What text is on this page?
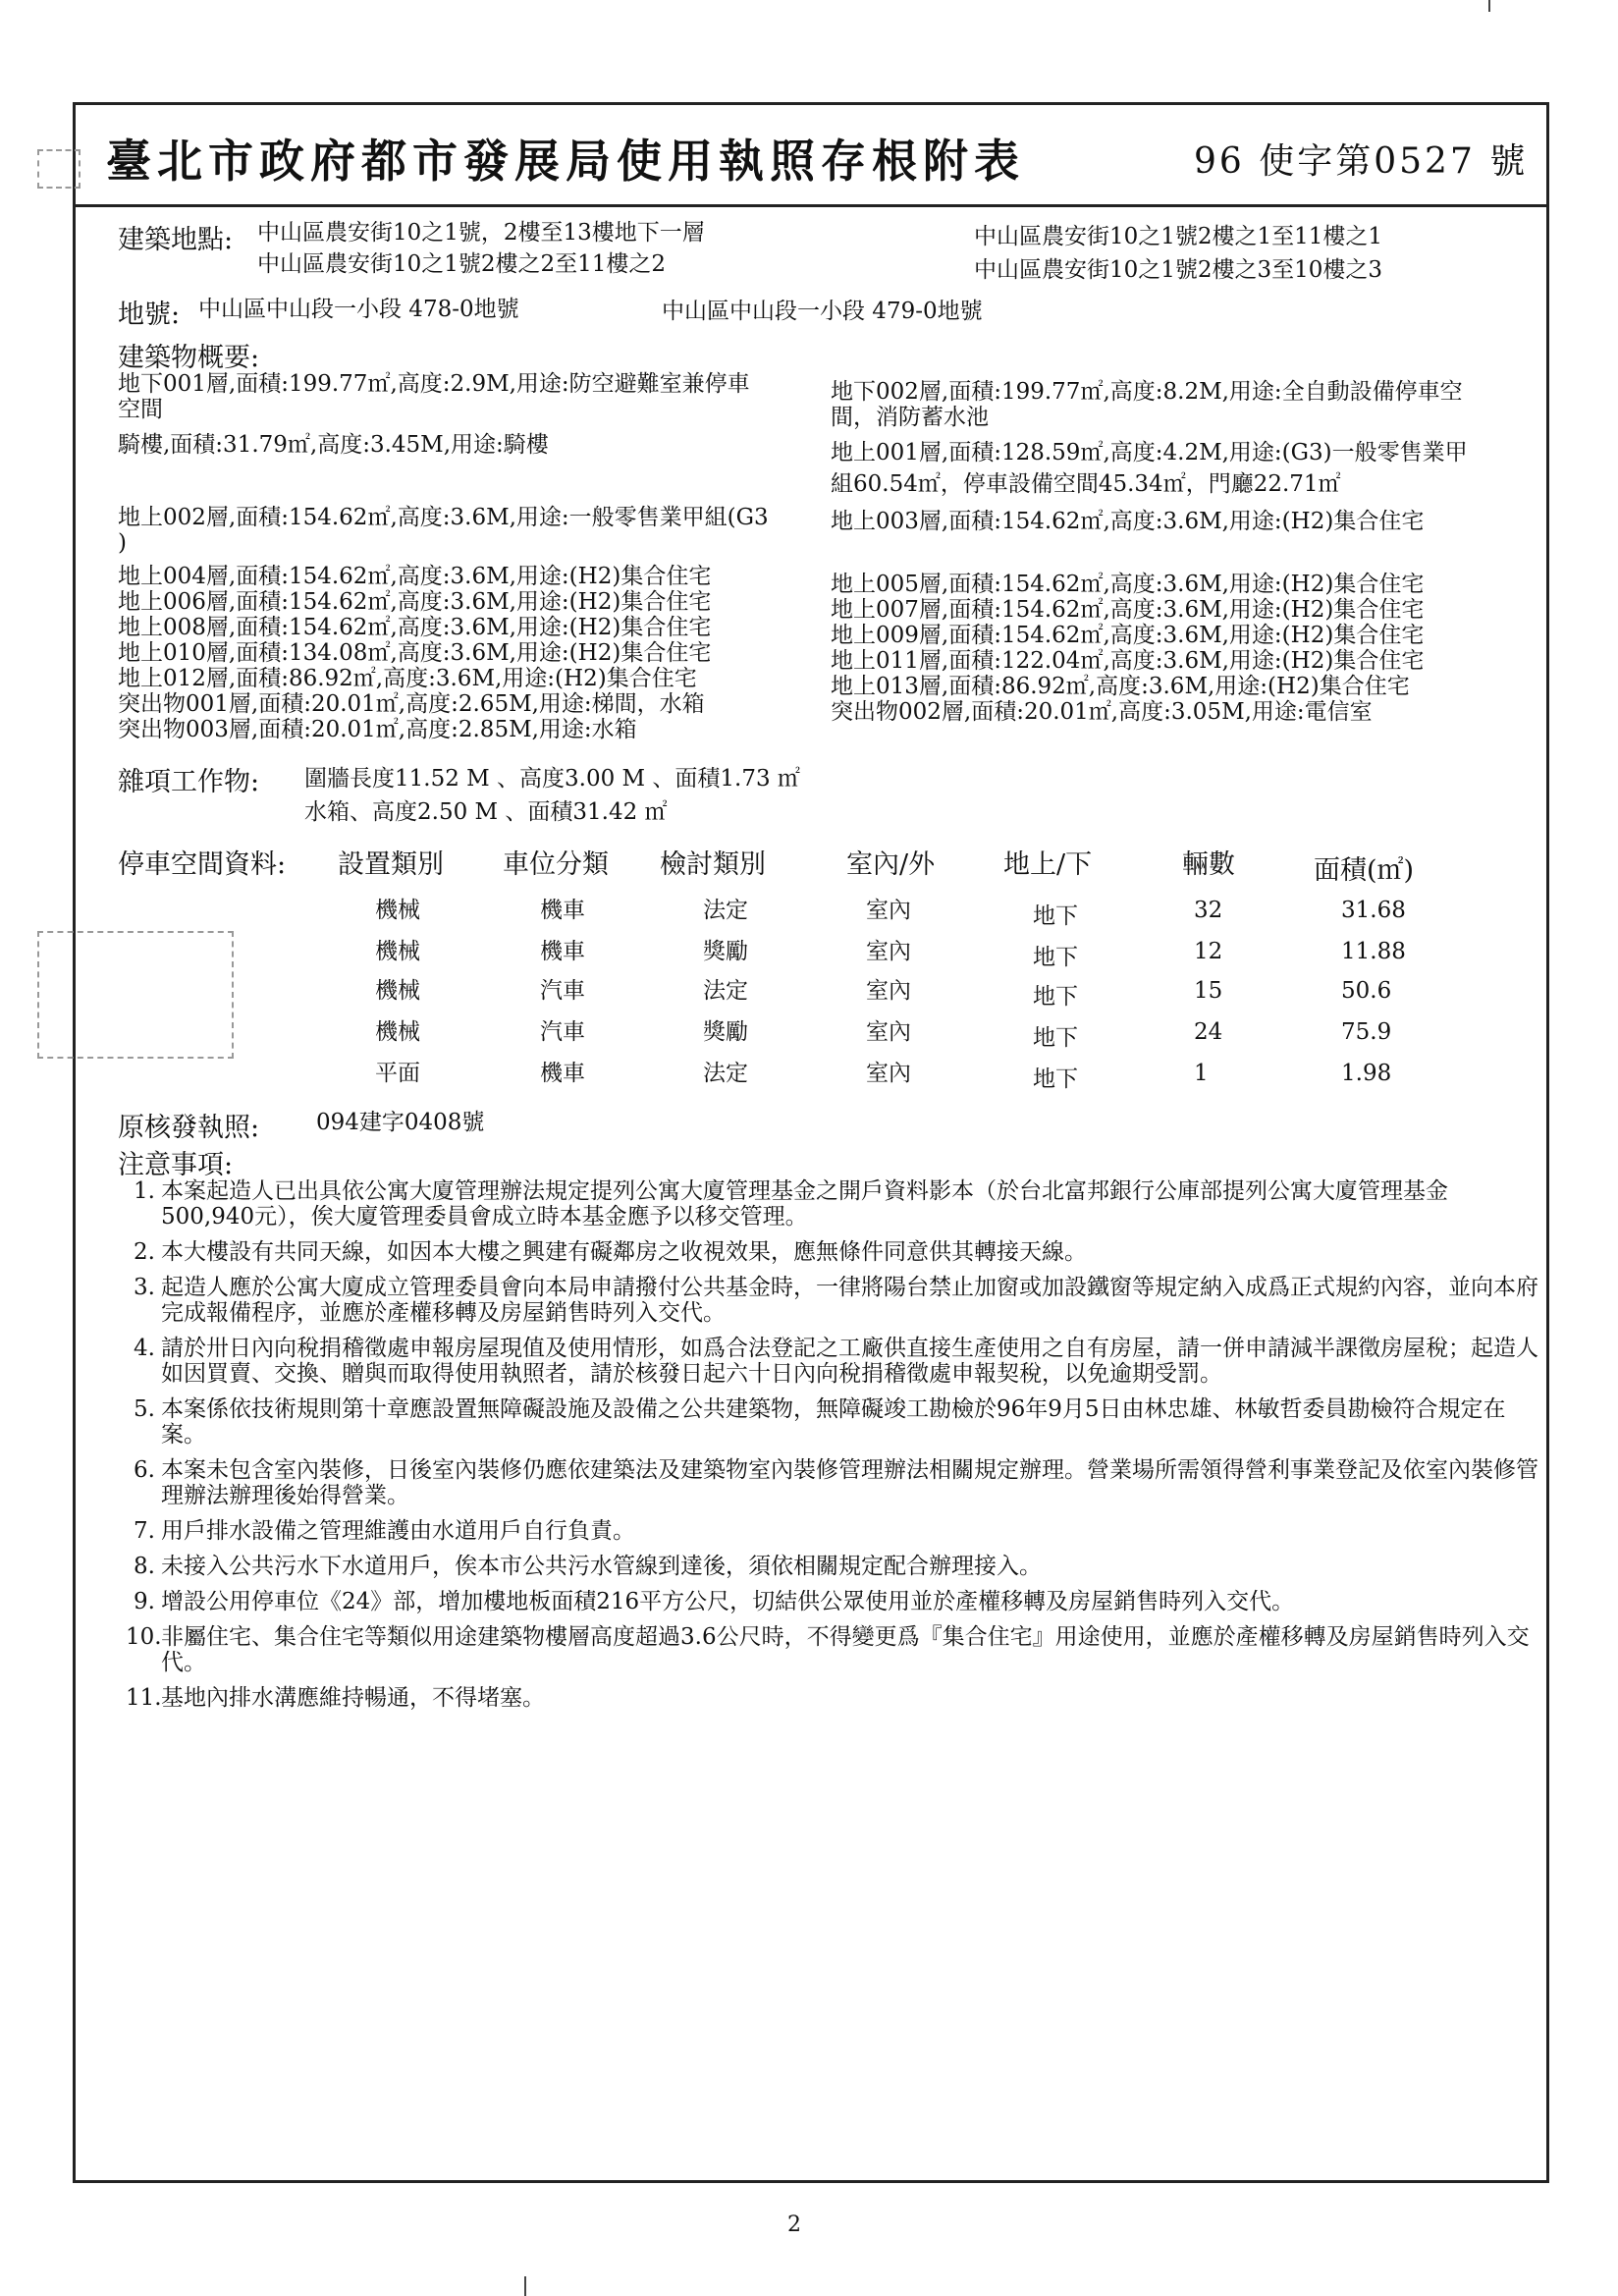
臺北市政府都市發展局使用執照存根附表	96 使字第0527 號
建築地點: 中山區農安街10之1號，2樓至13樓地下一層
中山區農安街10之1號2樓之2至11樓之2
中山區農安街10之1號2樓之1至11樓之1
中山區農安街10之1號2樓之3至10樓之3
地號: 中山區中山段一小段 478-0地號	中山區中山段一小段 479-0地號
建築物概要:
地下001層,面積:199.77㎡,高度:2.9M,用途:防空避難室兼停車
空間
地下002層,面積:199.77㎡,高度:8.2M,用途:全自動設備停車空
間，消防蓄水池
騎樓,面積:31.79㎡,高度:3.45M,用途:騎樓	地上001層,面積:128.59㎡,高度:4.2M,用途:(G3)一般零售業甲
組60.54㎡，停車設備空間45.34㎡，門廳22.71㎡
地上002層,面積:154.62㎡,高度:3.6M,用途:一般零售業甲組(G3
)
地上003層,面積:154.62㎡,高度:3.6M,用途:(H2)集合住宅
地上004層,面積:154.62㎡,高度:3.6M,用途:(H2)集合住宅
地上006層,面積:154.62㎡,高度:3.6M,用途:(H2)集合住宅
地上008層,面積:154.62㎡,高度:3.6M,用途:(H2)集合住宅
地上010層,面積:134.08㎡,高度:3.6M,用途:(H2)集合住宅
地上012層,面積:86.92㎡,高度:3.6M,用途:(H2)集合住宅
突出物001層,面積:20.01㎡,高度:2.65M,用途:梯間，水箱
突出物003層,面積:20.01㎡,高度:2.85M,用途:水箱
地上005層,面積:154.62㎡,高度:3.6M,用途:(H2)集合住宅
地上007層,面積:154.62㎡,高度:3.6M,用途:(H2)集合住宅
地上009層,面積:154.62㎡,高度:3.6M,用途:(H2)集合住宅
地上011層,面積:122.04㎡,高度:3.6M,用途:(H2)集合住宅
地上013層,面積:86.92㎡,高度:3.6M,用途:(H2)集合住宅
突出物002層,面積:20.01㎡,高度:3.05M,用途:電信室
雜項工作物: 圍牆長度11.52 M 、高度3.00 M 、面積1.73 ㎡
水箱、高度2.50 M 、面積31.42 ㎡
停車空間資料: 設置類別 車位分類 檢討類別	室內/外	地上/下	輛數	面積(㎡)
機械	機車	法定	室內	地下	32	31.68
機械	機車	獎勵	室內	地下	12	11.88
機械	汽車	法定	室內	地下	15	50.6
機械	汽車	獎勵	室內	地下	24	75.9
平面	機車	法定	室內	地下	1	1.98
原核發執照:	094建字0408號
注意事項:
1. 本案起造人已出具依公寓大廈管理辦法規定提列公寓大廈管理基金之開戶資料影本（於台北富邦銀行公庫部提列公寓大廈管理基金500,940元），俟大廈管理委員會成立時本基金應予以移交管理。
2. 本大樓設有共同天線，如因本大樓之興建有礙鄰房之收視效果，應無條件同意供其轉接天線。
3. 起造人應於公寓大廈成立管理委員會向本局申請撥付公共基金時，一律將陽台禁止加窗或加設鐵窗等規定納入成爲正式規約內容，並向本府完成報備程序，並應於產權移轉及房屋銷售時列入交代。
4. 請於卅日內向稅捐稽徵處申報房屋現值及使用情形，如爲合法登記之工廠供直接生產使用之自有房屋，請一併申請減半課徵房屋稅；起造人如因買賣、交換、贈與而取得使用執照者，請於核發日起六十日內向稅捐稽徵處申報契稅，以免逾期受罰。
5. 本案係依技術規則第十章應設置無障礙設施及設備之公共建築物，無障礙竣工勘檢於96年9月5日由林忠雄、林敏哲委員勘檢符合規定在案。
6. 本案未包含室內裝修，日後室內裝修仍應依建築法及建築物室內裝修管理辦法相關規定辦理。營業場所需領得營利事業登記及依室內裝修管理辦法辦理後始得營業。
7. 用戶排水設備之管理維護由水道用戶自行負責。
8. 未接入公共污水下水道用戶，俟本市公共污水管線到達後，須依相關規定配合辦理接入。
9. 增設公用停車位《24》部，增加樓地板面積216平方公尺，切結供公眾使用並於產權移轉及房屋銷售時列入交代。
10. 非屬住宅、集合住宅等類似用途建築物樓層高度超過3.6公尺時，不得變更爲『集合住宅』用途使用，並應於產權移轉及房屋銷售時列入交代。
11. 基地內排水溝應維持暢通，不得堵塞。
2
